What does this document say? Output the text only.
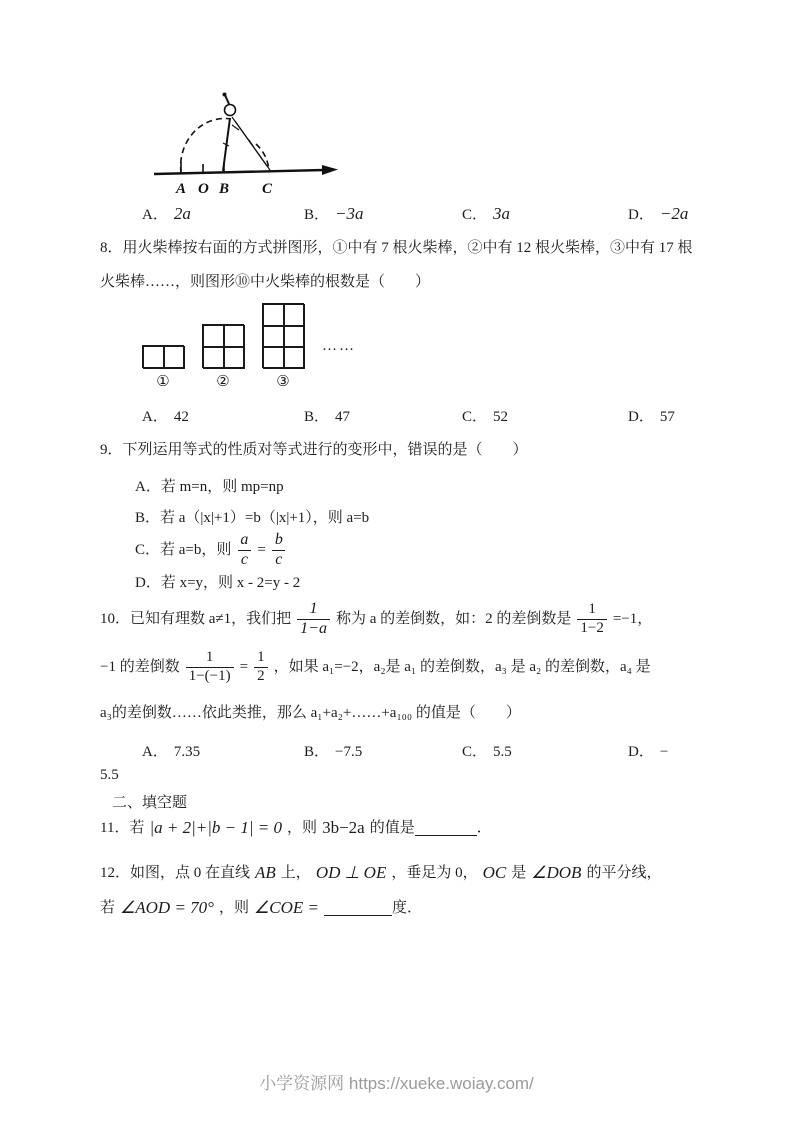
A O B C
A． 2a	B． −3a	C． 3a	D． −2a
8．用火柴棒按右面的方式拼图形，①中有 7 根火柴棒，②中有 12 根火柴棒，③中有 17 根
火柴棒……，则图形⑩中火柴棒的根数是（　　）
①	②	③
……
A． 42	B． 47	C． 52	D． 57
9．下列运用等式的性质对等式进行的变形中，错误的是（　　）
A．若 m=n，则 mp=np
B．若 a（|x|+1）=b（|x|+1），则 a=b
C．若 a=b，则 $\frac{a}{c} = \frac{b}{c}$
D．若 x=y，则 x - 2=y - 2
10．已知有理数 a≠1，我们把 $\frac{1}{1-a}$ 称为 a 的差倒数，如：2 的差倒数是 $\frac{1}{1-2} =-1$，
−1 的差倒数 $\frac{1}{1-(-1)} = \frac{1}{2}$ ，如果 a₁=−2，a₂是 a₁ 的差倒数，a₃ 是 a₂ 的差倒数，a₄ 是
a₃的差倒数……依此类推，那么 a₁+a₂+……+a₁₀₀ 的值是（　　）
A． 7.35	B． −7.5	C． 5.5	D． −
5.5
二、填空题
11．若 |a + 2|+|b − 1| = 0 ，则 3b−2a 的值是	．
12．如图，点 0 在直线 AB 上， OD ⊥ OE ，垂足为 0， OC 是 ∠DOB 的平分线，
若 ∠AOD = 70° ，则 ∠COE =	度．
小学资源网 https://xueke.woiay.com/
